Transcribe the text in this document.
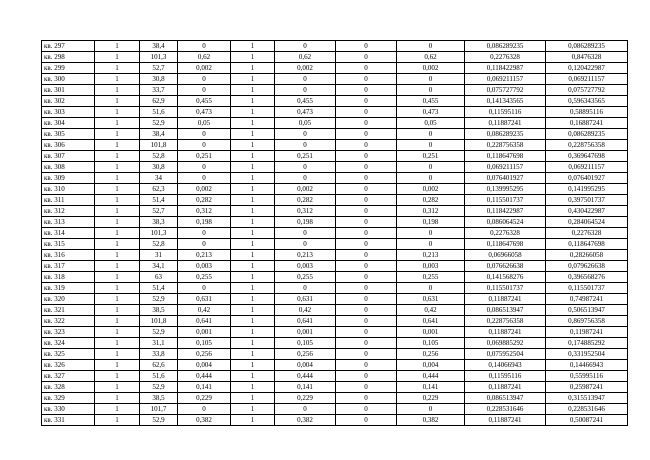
кв. 297	1	38,4	0	1	0	0	0	0,086289235	0,086289235
кв. 298	1	101,3	0,62	1	0,62	0	0,62	0,2276328	0,8476328
кв. 299	1	52,7	0,002	1	0,002	0	0,002	0,118422987	0,120422987
кв. 300	1	30,8	0	1	0	0	0	0,069211157	0,069211157
кв. 301	1	33,7	0	1	0	0	0	0,075727792	0,075727792
кв. 302	1	62,9	0,455	1	0,455	0	0,455	0,141343565	0,596343565
кв. 303	1	51,6	0,473	1	0,473	0	0,473	0,11595116	0,58895116
кв. 304	1	52,9	0,05	1	0,05	0	0,05	0,11887241	0,16887241
кв. 305	1	38,4	0	1	0	0	0	0,086289235	0,086289235
кв. 306	1	101,8	0	1	0	0	0	0,228756358	0,228756358
кв. 307	1	52,8	0,251	1	0,251	0	0,251	0,118647698	0,369647698
кв. 308	1	30,8	0	1	0	0	0	0,069211157	0,069211157
кв. 309	1	34	0	1	0	0	0	0,076401927	0,076401927
кв. 310	1	62,3	0,002	1	0,002	0	0,002	0,139995295	0,141995295
кв. 311	1	51,4	0,282	1	0,282	0	0,282	0,115501737	0,397501737
кв. 312	1	52,7	0,312	1	0,312	0	0,312	0,118422987	0,430422987
кв. 313	1	38,3	0,198	1	0,198	0	0,198	0,086064524	0,284064524
кв. 314	1	101,3	0	1	0	0	0	0,2276328	0,2276328
кв. 315	1	52,8	0	1	0	0	0	0,118647698	0,118647698
кв. 316	1	31	0,213	1	0,213	0	0,213	0,06966058	0,28266058
кв. 317	1	34,1	0,003	1	0,003	0	0,003	0,076626638	0,079626638
кв. 318	1	63	0,255	1	0,255	0	0,255	0,141568276	0,396568276
кв. 319	1	51,4	0	1	0	0	0	0,115501737	0,115501737
кв. 320	1	52,9	0,631	1	0,631	0	0,631	0,11887241	0,74987241
кв. 321	1	38,5	0,42	1	0,42	0	0,42	0,086513947	0,506513947
кв. 322	1	101,8	0,641	1	0,641	0	0,641	0,228756358	0,869756358
кв. 323	1	52,9	0,001	1	0,001	0	0,001	0,11887241	0,11987241
кв. 324	1	31,1	0,105	1	0,105	0	0,105	0,069885292	0,174885292
кв. 325	1	33,8	0,256	1	0,256	0	0,256	0,075952504	0,331952504
кв. 326	1	62,6	0,004	1	0,004	0	0,004	0,14066943	0,14466943
кв. 327	1	51,6	0,444	1	0,444	0	0,444	0,11595116	0,55995116
кв. 328	1	52,9	0,141	1	0,141	0	0,141	0,11887241	0,25987241
кв. 329	1	38,5	0,229	1	0,229	0	0,229	0,086513947	0,315513947
кв. 330	1	101,7	0	1	0	0	0	0,228531646	0,228531646
кв. 331	1	52,9	0,382	1	0,382	0	0,382	0,11887241	0,50087241
